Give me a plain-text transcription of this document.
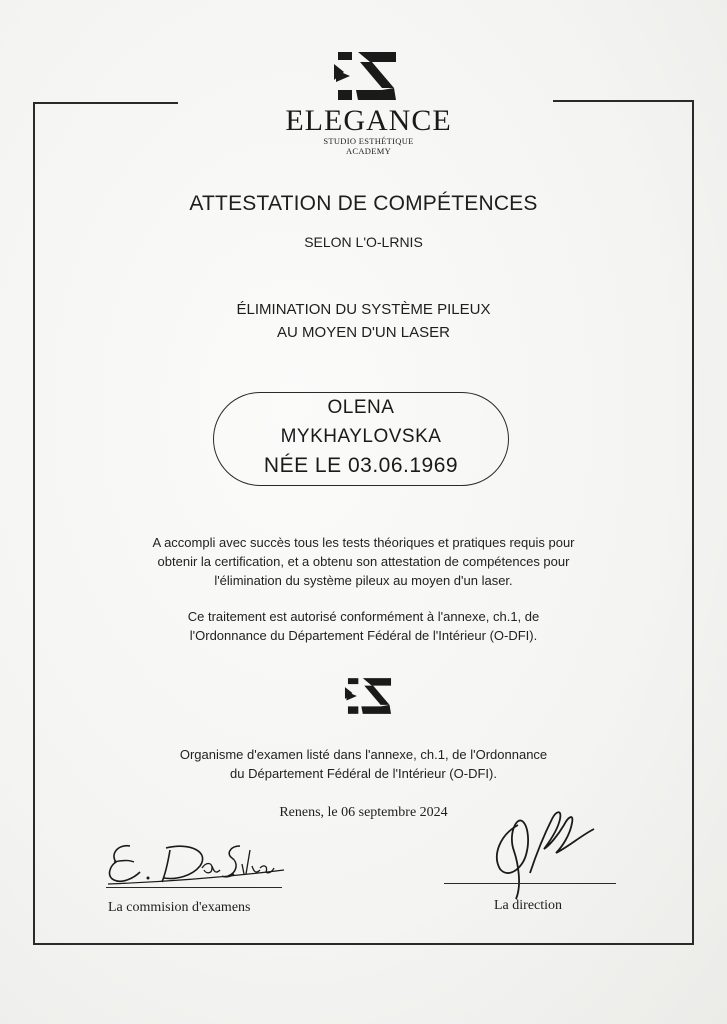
ELEGANCE
STUDIO ESTHÉTIQUE
ACADEMY
ATTESTATION DE COMPÉTENCES
SELON L'O-LRNIS
ÉLIMINATION DU SYSTÈME PILEUX
AU MOYEN D'UN LASER
OLENA
MYKHAYLOVSKA
NÉE LE 03.06.1969
A accompli avec succès tous les tests théoriques et pratiques requis pour
obtenir la certification, et a obtenu son attestation de compétences pour
l'élimination du système pileux au moyen d'un laser.
Ce traitement est autorisé conformément à l'annexe, ch.1, de
l'Ordonnance du Département Fédéral de l'Intérieur (O-DFI).
Organisme d'examen listé dans l'annexe, ch.1, de l'Ordonnance
du Département Fédéral de l'Intérieur (O-DFI).
Renens, le 06 septembre 2024
La commision d'examens	La direction
